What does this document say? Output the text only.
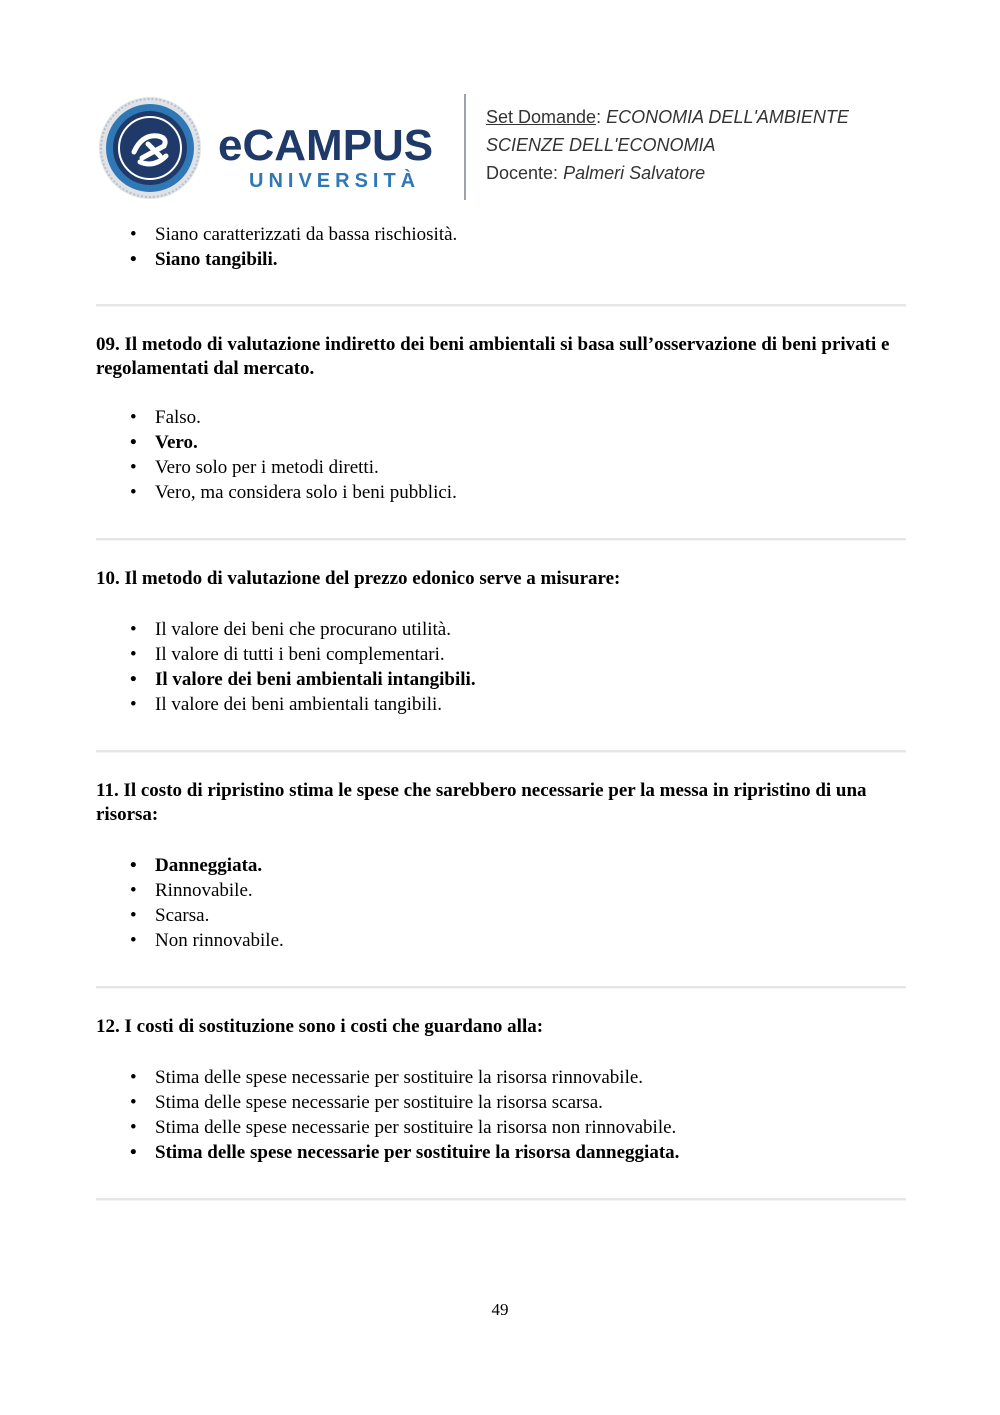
eCAMPUS
UNIVERSITÀ
Set Domande: ECONOMIA DELL'AMBIENTE
SCIENZE DELL'ECONOMIA
Docente: Palmeri Salvatore
• Siano caratterizzati da bassa rischiosità.
• Siano tangibili.
09. Il metodo di valutazione indiretto dei beni ambientali si basa sull’osservazione di beni privati e regolamentati dal mercato.
• Falso.
• Vero.
• Vero solo per i metodi diretti.
• Vero, ma considera solo i beni pubblici.
10. Il metodo di valutazione del prezzo edonico serve a misurare:
• Il valore dei beni che procurano utilità.
• Il valore di tutti i beni complementari.
• Il valore dei beni ambientali intangibili.
• Il valore dei beni ambientali tangibili.
11. Il costo di ripristino stima le spese che sarebbero necessarie per la messa in ripristino di una risorsa:
• Danneggiata.
• Rinnovabile.
• Scarsa.
• Non rinnovabile.
12. I costi di sostituzione sono i costi che guardano alla:
• Stima delle spese necessarie per sostituire la risorsa rinnovabile.
• Stima delle spese necessarie per sostituire la risorsa scarsa.
• Stima delle spese necessarie per sostituire la risorsa non rinnovabile.
• Stima delle spese necessarie per sostituire la risorsa danneggiata.
49
